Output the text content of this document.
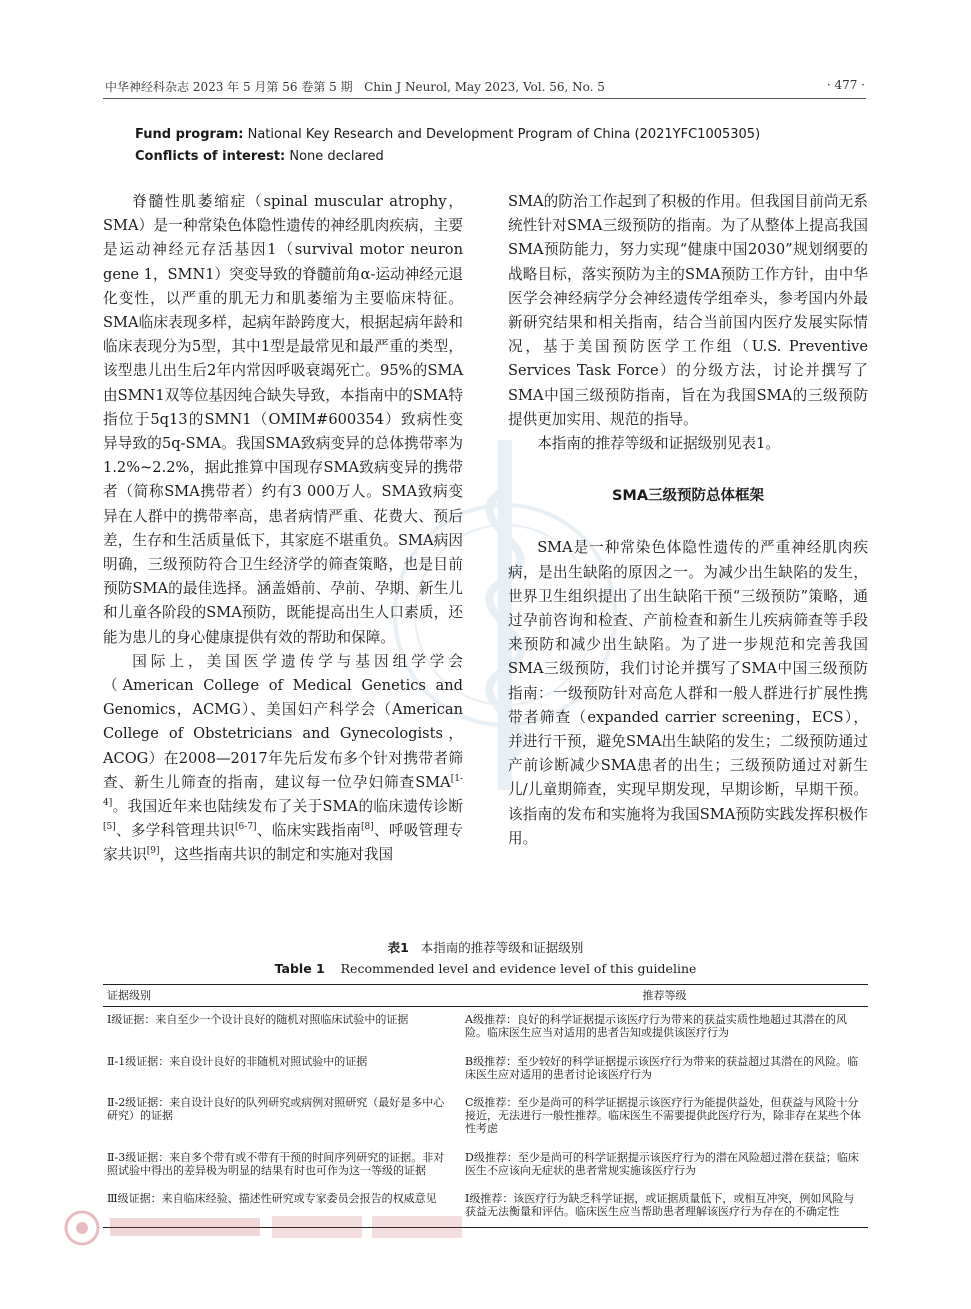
中华神经科杂志 2023 年 5 月第 56 卷第 5 期 Chin J Neurol, May 2023, Vol. 56, No. 5	· 477 ·
Fund program: National Key Research and Development Program of China (2021YFC1005305)
Conflicts of interest: None declared

脊髓性肌萎缩症（spinal muscular atrophy，SMA）是一种常染色体隐性遗传的神经肌肉疾病，主要是运动神经元存活基因1（survival motor neuron gene 1，SMN1）突变导致的脊髓前角α-运动神经元退化变性，以严重的肌无力和肌萎缩为主要临床特征。SMA临床表现多样，起病年龄跨度大，根据起病年龄和临床表现分为5型，其中1型是最常见和最严重的类型，该型患儿出生后2年内常因呼吸衰竭死亡。95%的SMA由SMN1双等位基因纯合缺失导致，本指南中的SMA特指位于5q13的SMN1（OMIM#600354）致病性变异导致的5q-SMA。我国SMA致病变异的总体携带率为1.2%~2.2%，据此推算中国现存SMA致病变异的携带者（简称SMA携带者）约有3 000万人。SMA致病变异在人群中的携带率高，患者病情严重、花费大、预后差，生存和生活质量低下，其家庭不堪重负。SMA病因明确，三级预防符合卫生经济学的筛查策略，也是目前预防SMA的最佳选择。涵盖婚前、孕前、孕期、新生儿和儿童各阶段的SMA预防，既能提高出生人口素质，还能为患儿的身心健康提供有效的帮助和保障。

国际上，美国医学遗传学与基因组学学会（American College of Medical Genetics and Genomics，ACMG）、美国妇产科学会（American College of Obstetricians and Gynecologists，ACOG）在2008—2017年先后发布多个针对携带者筛查、新生儿筛查的指南，建议每一位孕妇筛查SMA[1-4]。我国近年来也陆续发布了关于SMA的临床遗传诊断[5]、多学科管理共识[6-7]、临床实践指南[8]、呼吸管理专家共识[9]，这些指南共识的制定和实施对我国

SMA的防治工作起到了积极的作用。但我国目前尚无系统性针对SMA三级预防的指南。为了从整体上提高我国SMA预防能力，努力实现“健康中国2030”规划纲要的战略目标，落实预防为主的SMA预防工作方针，由中华医学会神经病学分会神经遗传学组牵头，参考国内外最新研究结果和相关指南，结合当前国内医疗发展实际情况，基于美国预防医学工作组（U.S. Preventive Services Task Force）的分级方法，讨论并撰写了SMA中国三级预防指南，旨在为我国SMA的三级预防提供更加实用、规范的指导。

本指南的推荐等级和证据级别见表1。

SMA三级预防总体框架

SMA是一种常染色体隐性遗传的严重神经肌肉疾病，是出生缺陷的原因之一。为减少出生缺陷的发生，世界卫生组织提出了出生缺陷干预“三级预防”策略，通过孕前咨询和检查、产前检查和新生儿疾病筛查等手段来预防和减少出生缺陷。为了进一步规范和完善我国SMA三级预防，我们讨论并撰写了SMA中国三级预防指南：一级预防针对高危人群和一般人群进行扩展性携带者筛查（expanded carrier screening，ECS），并进行干预，避免SMA出生缺陷的发生；二级预防通过产前诊断减少SMA患者的出生；三级预防通过对新生儿/儿童期筛查，实现早期发现，早期诊断，早期干预。该指南的发布和实施将为我国SMA预防实践发挥积极作用。

表1 本指南的推荐等级和证据级别
Table 1 Recommended level and evidence level of this guideline
证据级别	推荐等级
Ⅰ级证据：来自至少一个设计良好的随机对照临床试验中的证据	A级推荐：良好的科学证据提示该医疗行为带来的获益实质性地超过其潜在的风险。临床医生应当对适用的患者告知或提供该医疗行为
Ⅱ-1级证据：来自设计良好的非随机对照试验中的证据	B级推荐：至少较好的科学证据提示该医疗行为带来的获益超过其潜在的风险。临床医生应对适用的患者讨论该医疗行为
Ⅱ-2级证据：来自设计良好的队列研究或病例对照研究（最好是多中心研究）的证据	C级推荐：至少是尚可的科学证据提示该医疗行为能提供益处，但获益与风险十分接近，无法进行一般性推荐。临床医生不需要提供此医疗行为，除非存在某些个体性考虑
Ⅱ-3级证据：来自多个带有或不带有干预的时间序列研究的证据。非对照试验中得出的差异极为明显的结果有时也可作为这一等级的证据	D级推荐：至少是尚可的科学证据提示该医疗行为的潜在风险超过潜在获益；临床医生不应该向无症状的患者常规实施该医疗行为
Ⅲ级证据：来自临床经验、描述性研究或专家委员会报告的权威意见	I级推荐：该医疗行为缺乏科学证据，或证据质量低下，或相互冲突，例如风险与获益无法衡量和评估。临床医生应当帮助患者理解该医疗行为存在的不确定性
